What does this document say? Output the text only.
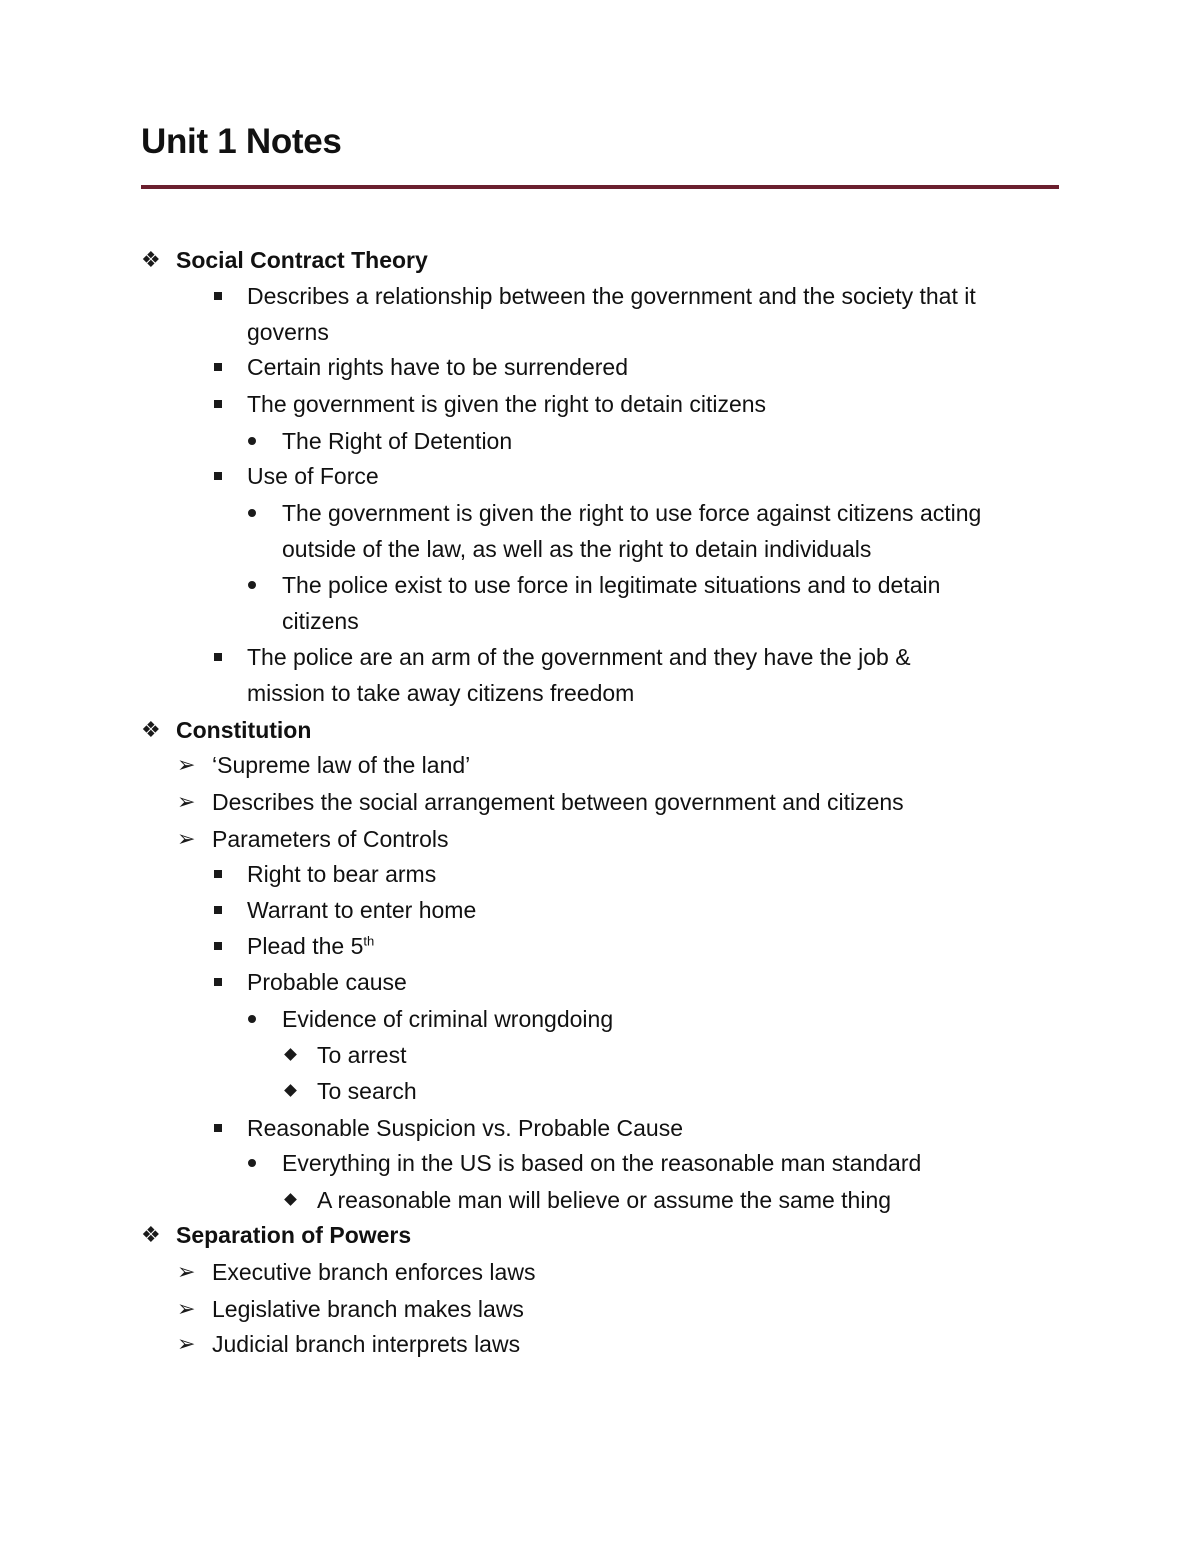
Unit 1 Notes
❖ Social Contract Theory
Describes a relationship between the government and the society that it
governs
Certain rights have to be surrendered
The government is given the right to detain citizens
The Right of Detention
Use of Force
The government is given the right to use force against citizens acting
outside of the law, as well as the right to detain individuals
The police exist to use force in legitimate situations and to detain
citizens
The police are an arm of the government and they have the job &
mission to take away citizens freedom
❖ Constitution
➢ ‘Supreme law of the land’
➢ Describes the social arrangement between government and citizens
➢ Parameters of Controls
Right to bear arms
Warrant to enter home
Plead the 5th
Probable cause
Evidence of criminal wrongdoing
To arrest
To search
Reasonable Suspicion vs. Probable Cause
Everything in the US is based on the reasonable man standard
A reasonable man will believe or assume the same thing
❖ Separation of Powers
➢ Executive branch enforces laws
➢ Legislative branch makes laws
➢ Judicial branch interprets laws
